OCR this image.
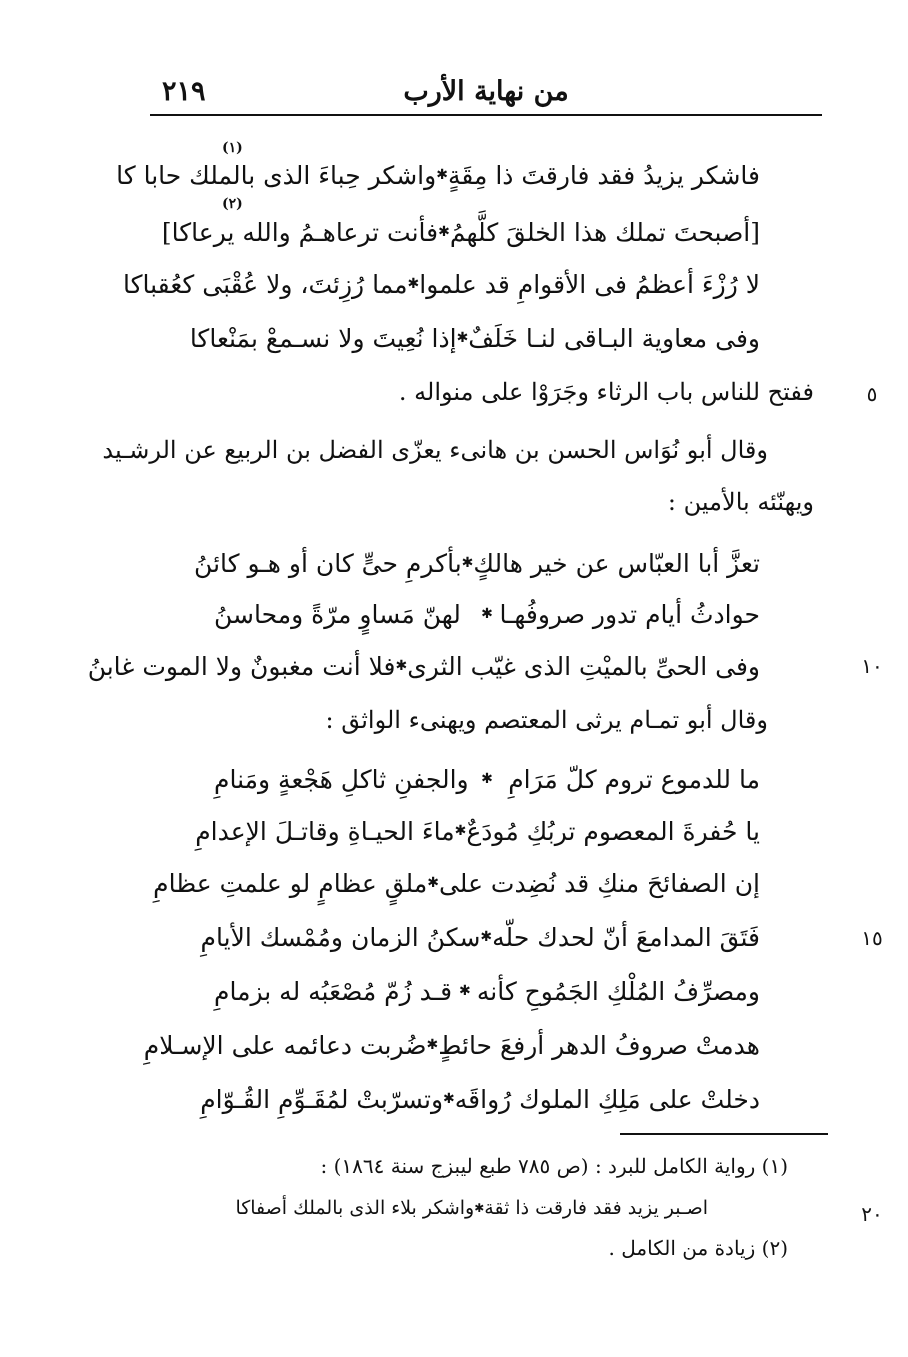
٢١٩	من نهاية الأرب
(١)
(٢)
فاشكر يزيدُ فقد فارقتَ ذا مِقَةٍ
✱
واشكر حِباءَ الذى بالملك حابا كا
[أصبحتَ تملك هذا الخلقَ كلَّهمُ
✱
فأنت ترعاهـمُ والله يرعاكا]
لا رُزْءَ أعظمُ فى الأقوامِ قد علموا
✱
مما رُزِئتَ، ولا عُقْبَى كعُقباكا
وفى معاوية البـاقى لنـا خَلَفٌ
✱
إذا نُعِيتَ ولا نسـمعْ بمَنْعاكا
ففتح للناس باب الرثاء وجَرَوْا على منواله .	٥
وقال أبو نُوَاس الحسن بن هانىء يعزّى الفضل بن الربيع عن الرشـيد
ويهنّئه بالأمين :
تعزَّ أبا العبّاس عن خير هالكٍ
✱
بأكرمِ حىٍّ كان أو هـو كائنُ
حوادثُ أيام تدور صروفُهـا
✱
لهنّ مَساوٍ مرّةً ومحاسنُ
وفى الحىِّ بالميْتِ الذى غيّب الثرى
✱
فلا أنت مغبونٌ ولا الموت غابنُ	١٠
وقال أبو تمـام يرثى المعتصم ويهنىء الواثق :
ما للدموع تروم كلّ مَرَامِ
✱
والجفنِ ثاكلِ هَجْعةٍ ومَنامِ
يا حُفرةَ المعصوم تربُكِ مُودَعٌ
✱
ماءَ الحيـاةِ وقاتـلَ الإعدامِ
إن الصفائحَ منكِ قد نُضِدت على
✱
ملقٍ عظامٍ لو علمتِ عظامِ
فَتَقَ المدامعَ أنّ لحدك حلّه
✱
سكنُ الزمان ومُمْسك الأيامِ	١٥
ومصرِّفُ المُلْكِ الجَمُوحِ كأنه
✱
قـد زُمّ مُصْعَبُه له بزمامِ
هدمتْ صروفُ الدهر أرفعَ حائطٍ
✱
ضُربت دعائمه على الإسـلامِ
دخلتْ على مَلِكِ الملوك رُواقَه
✱
وتسرّبتْ لمُقَـوِّمِ القُـوّامِ
(١) رواية الكامل للبرد : (ص ٧٨٥ طبع ليبزج سنة ١٨٦٤) :
اصـبر يزيد فقد فارقت ذا ثقة
✱
واشكر بلاء الذى بالملك أصفاكا	٢٠
(٢) زيادة من الكامل .
